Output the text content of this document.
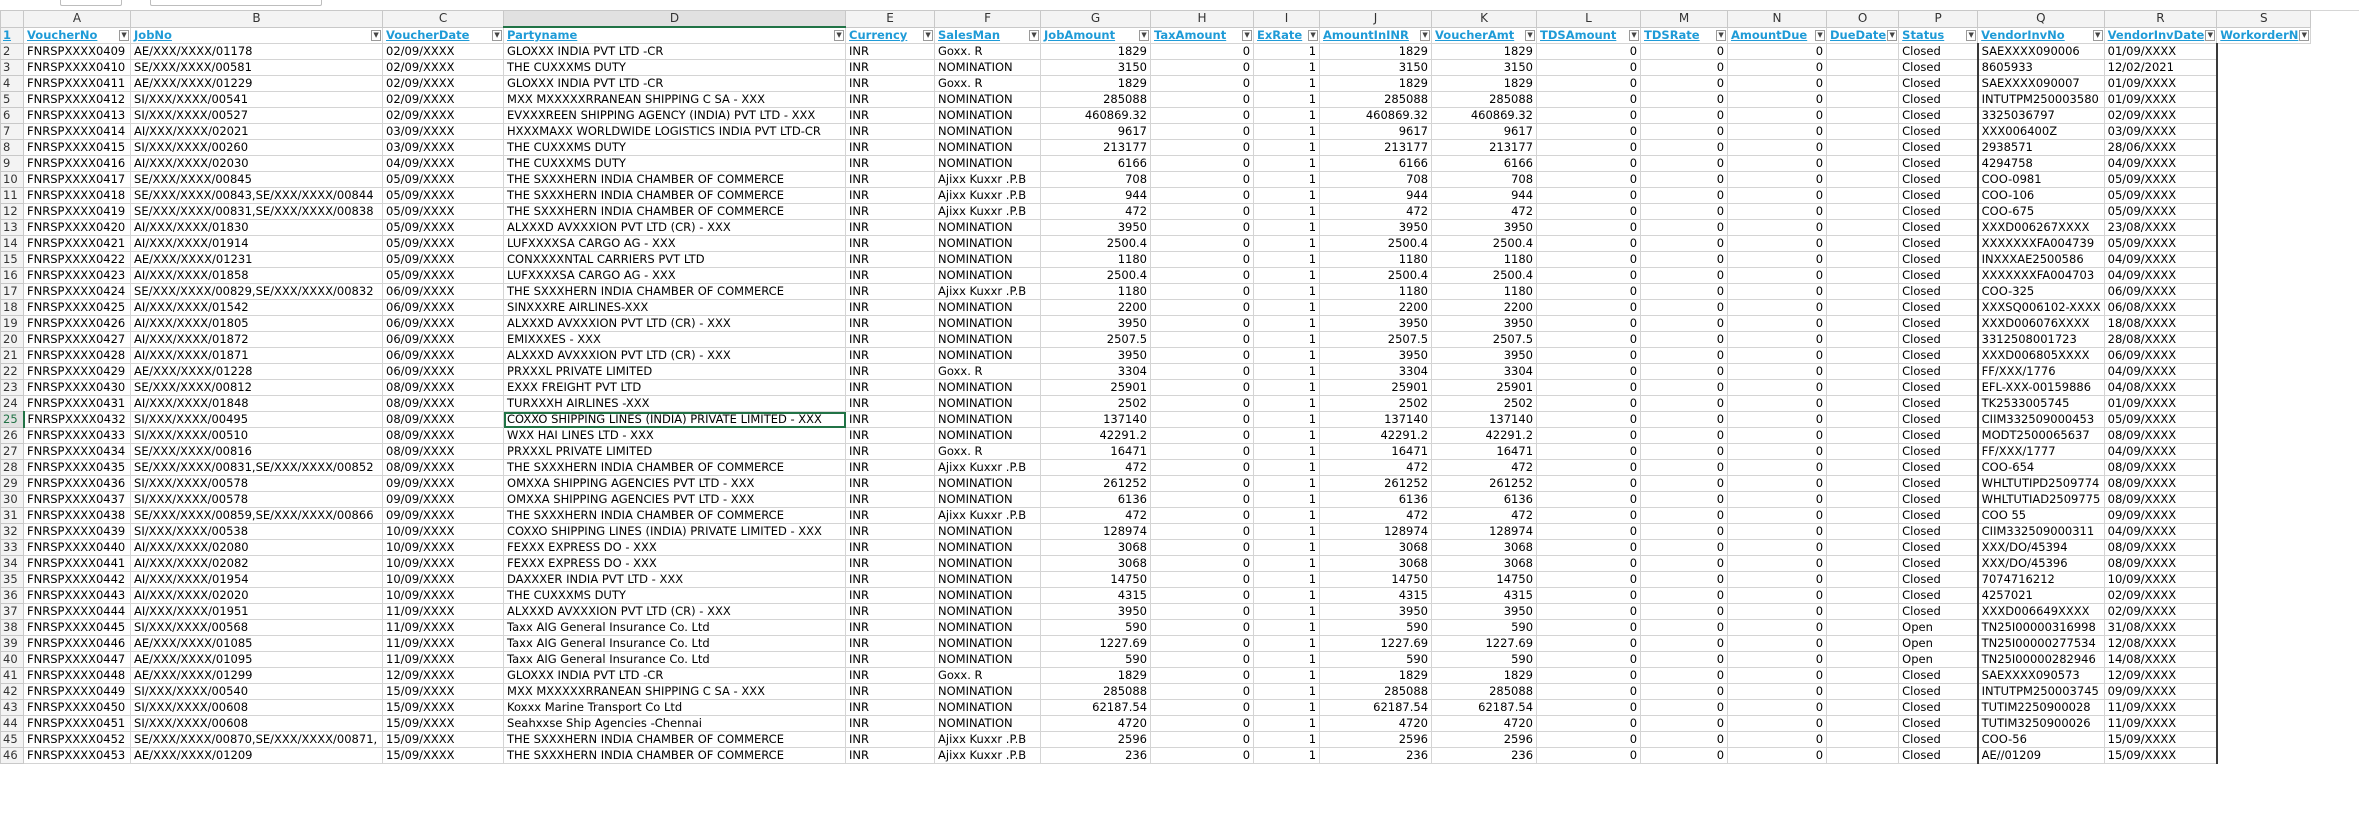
	A	B	C	D	E	F	G	H	I	J	K	L	M	N	O	P	Q	R	S
1	VoucherNo ▼	JobNo ▼	VoucherDate ▼	Partyname ▼	Currency ▼	SalesMan ▼	JobAmount ▼	TaxAmount ▼	ExRate ▼	AmountInINR ▼	VoucherAmt ▼	TDSAmount ▼	TDSRate ▼	AmountDue ▼	DueDate ▼	Status ▼	VendorInvNo ▼	VendorInvDate ▼	WorkorderN ▼

2	FNRSPXXXX0409	AE/XXX/XXXX/01178	02/09/XXXX	GLOXXX INDIA PVT LTD -CR	INR	Goxx. R	1829	0	1	1829	1829	0	0	0		Closed	SAEXXXX090006	01/09/XXXX	
3	FNRSPXXXX0410	SE/XXX/XXXX/00581	02/09/XXXX	THE CUXXXMS DUTY	INR	NOMINATION	3150	0	1	3150	3150	0	0	0		Closed	8605933	12/02/2021	
4	FNRSPXXXX0411	AE/XXX/XXXX/01229	02/09/XXXX	GLOXXX INDIA PVT LTD -CR	INR	Goxx. R	1829	0	1	1829	1829	0	0	0		Closed	SAEXXXX090007	01/09/XXXX	
5	FNRSPXXXX0412	SI/XXX/XXXX/00541	02/09/XXXX	MXX MXXXXXRRANEAN SHIPPING C SA - XXX	INR	NOMINATION	285088	0	1	285088	285088	0	0	0		Closed	INTUTPM250003580	01/09/XXXX	
6	FNRSPXXXX0413	SI/XXX/XXXX/00527	02/09/XXXX	EVXXXREEN SHIPPING AGENCY (INDIA) PVT LTD - XXX	INR	NOMINATION	460869.32	0	1	460869.32	460869.32	0	0	0		Closed	3325036797	02/09/XXXX	
7	FNRSPXXXX0414	AI/XXX/XXXX/02021	03/09/XXXX	HXXXMAXX WORLDWIDE LOGISTICS INDIA PVT LTD-CR	INR	NOMINATION	9617	0	1	9617	9617	0	0	0		Closed	XXX006400Z	03/09/XXXX	
8	FNRSPXXXX0415	SI/XXX/XXXX/00260	03/09/XXXX	THE CUXXXMS DUTY	INR	NOMINATION	213177	0	1	213177	213177	0	0	0		Closed	2938571	28/06/XXXX	
9	FNRSPXXXX0416	AI/XXX/XXXX/02030	04/09/XXXX	THE CUXXXMS DUTY	INR	NOMINATION	6166	0	1	6166	6166	0	0	0		Closed	4294758	04/09/XXXX	
10	FNRSPXXXX0417	SE/XXX/XXXX/00845	05/09/XXXX	THE SXXXHERN INDIA CHAMBER OF COMMERCE	INR	Ajixx Kuxxr .P.B	708	0	1	708	708	0	0	0		Closed	COO-0981	05/09/XXXX	
11	FNRSPXXXX0418	SE/XXX/XXXX/00843,SE/XXX/XXXX/00844	05/09/XXXX	THE SXXXHERN INDIA CHAMBER OF COMMERCE	INR	Ajixx Kuxxr .P.B	944	0	1	944	944	0	0	0		Closed	COO-106	05/09/XXXX	
12	FNRSPXXXX0419	SE/XXX/XXXX/00831,SE/XXX/XXXX/00838	05/09/XXXX	THE SXXXHERN INDIA CHAMBER OF COMMERCE	INR	Ajixx Kuxxr .P.B	472	0	1	472	472	0	0	0		Closed	COO-675	05/09/XXXX	
13	FNRSPXXXX0420	AI/XXX/XXXX/01830	05/09/XXXX	ALXXXD AVXXXION PVT LTD (CR) - XXX	INR	NOMINATION	3950	0	1	3950	3950	0	0	0		Closed	XXXD006267XXXX	23/08/XXXX	
14	FNRSPXXXX0421	AI/XXX/XXXX/01914	05/09/XXXX	LUFXXXXSA CARGO AG - XXX	INR	NOMINATION	2500.4	0	1	2500.4	2500.4	0	0	0		Closed	XXXXXXXFA004739	05/09/XXXX	
15	FNRSPXXXX0422	AE/XXX/XXXX/01231	05/09/XXXX	CONXXXXNTAL CARRIERS PVT LTD	INR	NOMINATION	1180	0	1	1180	1180	0	0	0		Closed	INXXXAE2500586	04/09/XXXX	
16	FNRSPXXXX0423	AI/XXX/XXXX/01858	05/09/XXXX	LUFXXXXSA CARGO AG - XXX	INR	NOMINATION	2500.4	0	1	2500.4	2500.4	0	0	0		Closed	XXXXXXXFA004703	04/09/XXXX	
17	FNRSPXXXX0424	SE/XXX/XXXX/00829,SE/XXX/XXXX/00832	06/09/XXXX	THE SXXXHERN INDIA CHAMBER OF COMMERCE	INR	Ajixx Kuxxr .P.B	1180	0	1	1180	1180	0	0	0		Closed	COO-325	06/09/XXXX	
18	FNRSPXXXX0425	AI/XXX/XXXX/01542	06/09/XXXX	SINXXXRE AIRLINES-XXX	INR	NOMINATION	2200	0	1	2200	2200	0	0	0		Closed	XXXSQ006102-XXXX	06/08/XXXX	
19	FNRSPXXXX0426	AI/XXX/XXXX/01805	06/09/XXXX	ALXXXD AVXXXION PVT LTD (CR) - XXX	INR	NOMINATION	3950	0	1	3950	3950	0	0	0		Closed	XXXD006076XXXX	18/08/XXXX	
20	FNRSPXXXX0427	AI/XXX/XXXX/01872	06/09/XXXX	EMIXXXES - XXX	INR	NOMINATION	2507.5	0	1	2507.5	2507.5	0	0	0		Closed	3312508001723	28/08/XXXX	
21	FNRSPXXXX0428	AI/XXX/XXXX/01871	06/09/XXXX	ALXXXD AVXXXION PVT LTD (CR) - XXX	INR	NOMINATION	3950	0	1	3950	3950	0	0	0		Closed	XXXD006805XXXX	06/09/XXXX	
22	FNRSPXXXX0429	AE/XXX/XXXX/01228	06/09/XXXX	PRXXXL PRIVATE LIMITED	INR	Goxx. R	3304	0	1	3304	3304	0	0	0		Closed	FF/XXX/1776	04/09/XXXX	
23	FNRSPXXXX0430	SE/XXX/XXXX/00812	08/09/XXXX	EXXX FREIGHT PVT LTD	INR	NOMINATION	25901	0	1	25901	25901	0	0	0		Closed	EFL-XXX-00159886	04/08/XXXX	
24	FNRSPXXXX0431	AI/XXX/XXXX/01848	08/09/XXXX	TURXXXH AIRLINES -XXX	INR	NOMINATION	2502	0	1	2502	2502	0	0	0		Closed	TK2533005745	01/09/XXXX	
25	FNRSPXXXX0432	SI/XXX/XXXX/00495	08/09/XXXX	COXXO SHIPPING LINES (INDIA) PRIVATE LIMITED - XXX	INR	NOMINATION	137140	0	1	137140	137140	0	0	0		Closed	CIIM332509000453	05/09/XXXX	
26	FNRSPXXXX0433	SI/XXX/XXXX/00510	08/09/XXXX	WXX HAI LINES LTD - XXX	INR	NOMINATION	42291.2	0	1	42291.2	42291.2	0	0	0		Closed	MODT2500065637	08/09/XXXX	
27	FNRSPXXXX0434	SE/XXX/XXXX/00816	08/09/XXXX	PRXXXL PRIVATE LIMITED	INR	Goxx. R	16471	0	1	16471	16471	0	0	0		Closed	FF/XXX/1777	04/09/XXXX	
28	FNRSPXXXX0435	SE/XXX/XXXX/00831,SE/XXX/XXXX/00852	08/09/XXXX	THE SXXXHERN INDIA CHAMBER OF COMMERCE	INR	Ajixx Kuxxr .P.B	472	0	1	472	472	0	0	0		Closed	COO-654	08/09/XXXX	
29	FNRSPXXXX0436	SI/XXX/XXXX/00578	09/09/XXXX	OMXXA SHIPPING AGENCIES PVT LTD - XXX	INR	NOMINATION	261252	0	1	261252	261252	0	0	0		Closed	WHLTUTIPD2509774	08/09/XXXX	
30	FNRSPXXXX0437	SI/XXX/XXXX/00578	09/09/XXXX	OMXXA SHIPPING AGENCIES PVT LTD - XXX	INR	NOMINATION	6136	0	1	6136	6136	0	0	0		Closed	WHLTUTIAD2509775	08/09/XXXX	
31	FNRSPXXXX0438	SE/XXX/XXXX/00859,SE/XXX/XXXX/00866	09/09/XXXX	THE SXXXHERN INDIA CHAMBER OF COMMERCE	INR	Ajixx Kuxxr .P.B	472	0	1	472	472	0	0	0		Closed	COO 55	09/09/XXXX	
32	FNRSPXXXX0439	SI/XXX/XXXX/00538	10/09/XXXX	COXXO SHIPPING LINES (INDIA) PRIVATE LIMITED - XXX	INR	NOMINATION	128974	0	1	128974	128974	0	0	0		Closed	CIIM332509000311	04/09/XXXX	
33	FNRSPXXXX0440	AI/XXX/XXXX/02080	10/09/XXXX	FEXXX EXPRESS DO - XXX	INR	NOMINATION	3068	0	1	3068	3068	0	0	0		Closed	XXX/DO/45394	08/09/XXXX	
34	FNRSPXXXX0441	AI/XXX/XXXX/02082	10/09/XXXX	FEXXX EXPRESS DO - XXX	INR	NOMINATION	3068	0	1	3068	3068	0	0	0		Closed	XXX/DO/45396	08/09/XXXX	
35	FNRSPXXXX0442	AI/XXX/XXXX/01954	10/09/XXXX	DAXXXER INDIA PVT LTD - XXX	INR	NOMINATION	14750	0	1	14750	14750	0	0	0		Closed	7074716212	10/09/XXXX	
36	FNRSPXXXX0443	AI/XXX/XXXX/02020	10/09/XXXX	THE CUXXXMS DUTY	INR	NOMINATION	4315	0	1	4315	4315	0	0	0		Closed	4257021	02/09/XXXX	
37	FNRSPXXXX0444	AI/XXX/XXXX/01951	11/09/XXXX	ALXXXD AVXXXION PVT LTD (CR) - XXX	INR	NOMINATION	3950	0	1	3950	3950	0	0	0		Closed	XXXD006649XXXX	02/09/XXXX	
38	FNRSPXXXX0445	SI/XXX/XXXX/00568	11/09/XXXX	Taxx AIG General Insurance Co. Ltd	INR	NOMINATION	590	0	1	590	590	0	0	0		Open	TN25I00000316998	31/08/XXXX	
39	FNRSPXXXX0446	AE/XXX/XXXX/01085	11/09/XXXX	Taxx AIG General Insurance Co. Ltd	INR	NOMINATION	1227.69	0	1	1227.69	1227.69	0	0	0		Open	TN25I00000277534	12/08/XXXX	
40	FNRSPXXXX0447	AE/XXX/XXXX/01095	11/09/XXXX	Taxx AIG General Insurance Co. Ltd	INR	NOMINATION	590	0	1	590	590	0	0	0		Open	TN25I00000282946	14/08/XXXX	
41	FNRSPXXXX0448	AE/XXX/XXXX/01299	12/09/XXXX	GLOXXX INDIA PVT LTD -CR	INR	Goxx. R	1829	0	1	1829	1829	0	0	0		Closed	SAEXXXX090573	12/09/XXXX	
42	FNRSPXXXX0449	SI/XXX/XXXX/00540	15/09/XXXX	MXX MXXXXXRRANEAN SHIPPING C SA - XXX	INR	NOMINATION	285088	0	1	285088	285088	0	0	0		Closed	INTUTPM250003745	09/09/XXXX	
43	FNRSPXXXX0450	SI/XXX/XXXX/00608	15/09/XXXX	Koxxx Marine Transport Co Ltd	INR	NOMINATION	62187.54	0	1	62187.54	62187.54	0	0	0		Closed	TUTIM2250900028	11/09/XXXX	
44	FNRSPXXXX0451	SI/XXX/XXXX/00608	15/09/XXXX	Seahxxse Ship Agencies -Chennai	INR	NOMINATION	4720	0	1	4720	4720	0	0	0		Closed	TUTIM3250900026	11/09/XXXX	
45	FNRSPXXXX0452	SE/XXX/XXXX/00870,SE/XXX/XXXX/00871,	15/09/XXXX	THE SXXXHERN INDIA CHAMBER OF COMMERCE	INR	Ajixx Kuxxr .P.B	2596	0	1	2596	2596	0	0	0		Closed	COO-56	15/09/XXXX	
46	FNRSPXXXX0453	AE/XXX/XXXX/01209	15/09/XXXX	THE SXXXHERN INDIA CHAMBER OF COMMERCE	INR	Ajixx Kuxxr .P.B	236	0	1	236	236	0	0	0		Closed	AE//01209	15/09/XXXX	
